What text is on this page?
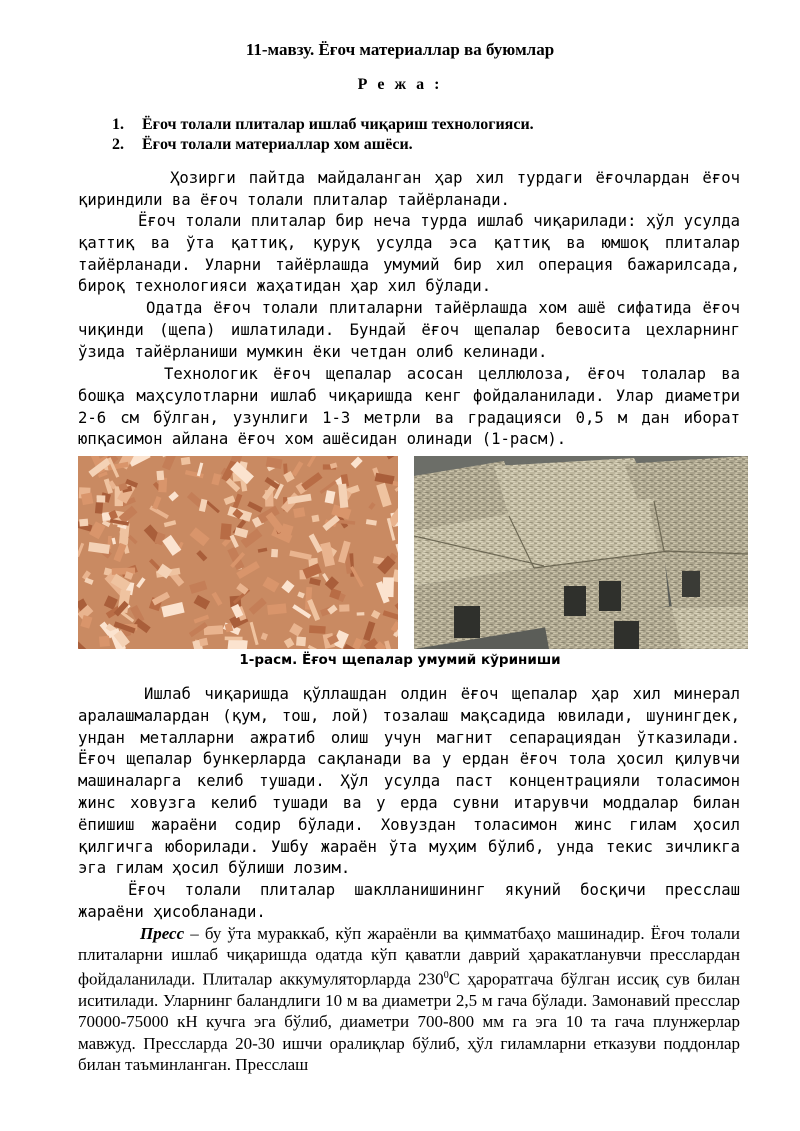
11-мавзу. Ёғоч материаллар ва буюмлар
Р е ж а :
1. Ёғоч толали плиталар ишлаб чиқариш технологияси.
2. Ёғоч толали материаллар хом ашёси.

Ҳозирги пайтда майдаланган ҳар хил турдаги ёғочлардан ёғоч қириндили ва ёғоч толали плиталар тайёрланади.

Ёғоч толали плиталар бир неча турда ишлаб чиқарилади: ҳўл усулда қаттиқ ва ўта қаттиқ, қуруқ усулда эса қаттиқ ва юмшоқ плиталар тайёрланади. Уларни тайёрлашда умумий бир хил операция бажарилсада, бироқ технологияси жаҳатидан ҳар хил бўлади.

Одатда ёғоч толали плиталарни тайёрлашда хом ашё сифатида ёғоч чиқинди (щепа) ишлатилади. Бундай ёғоч щепалар бевосита цехларнинг ўзида тайёрланиши мумкин ёки четдан олиб келинади.

Технологик ёғоч щепалар асосан целлюлоза, ёғоч толалар ва бошқа маҳсулотларни ишлаб чиқаришда кенг фойдаланилади. Улар диаметри 2-6 см бўлган, узунлиги 1-3 метрли ва градацияси 0,5 м дан иборат юпқасимон айлана ёғоч хом ашёсидан олинади (1-расм).

1-расм. Ёғоч щепалар умумий кўриниши

Ишлаб чиқаришда қўллашдан олдин ёғоч щепалар ҳар хил минерал аралашмалардан (қум, тош, лой) тозалаш мақсадида ювилади, шунингдек, ундан металларни ажратиб олиш учун магнит сепарациядан ўтказилади. Ёғоч щепалар бункерларда сақланади ва у ердан ёғоч тола ҳосил қилувчи машиналарга келиб тушади. Ҳўл усулда паст концентрацияли толасимон жинс ховузга келиб тушади ва у ерда сувни итарувчи моддалар билан ёпишиш жараёни содир бўлади. Ховуздан толасимон жинс гилам ҳосил қилгичга юборилади. Ушбу жараён ўта муҳим бўлиб, унда текис зичликга эга гилам ҳосил бўлиши лозим.

Ёғоч толали плиталар шаклланишининг якуний босқичи пресслаш жараёни ҳисобланади.

Пресс – бу ўта мураккаб, кўп жараёнли ва қимматбаҳо машинадир. Ёғоч толали плиталарни ишлаб чиқаришда одатда кўп қаватли даврий ҳаракатланувчи пресслардан фойдаланилади. Плиталар аккумуляторларда $230^0С$ ҳароратгача бўлган иссиқ сув билан иситилади. Уларнинг баландлиги 10 м ва диаметри 2,5 м гача бўлади. Замонавий пресслар 70000-75000 кН кучга эга бўлиб, диаметри 700-800 мм га эга 10 та гача плунжерлар мавжуд. Прессларда 20-30 ишчи оралиқлар бўлиб, ҳўл гиламларни етказуви поддонлар билан таъминланган. Пресслаш
